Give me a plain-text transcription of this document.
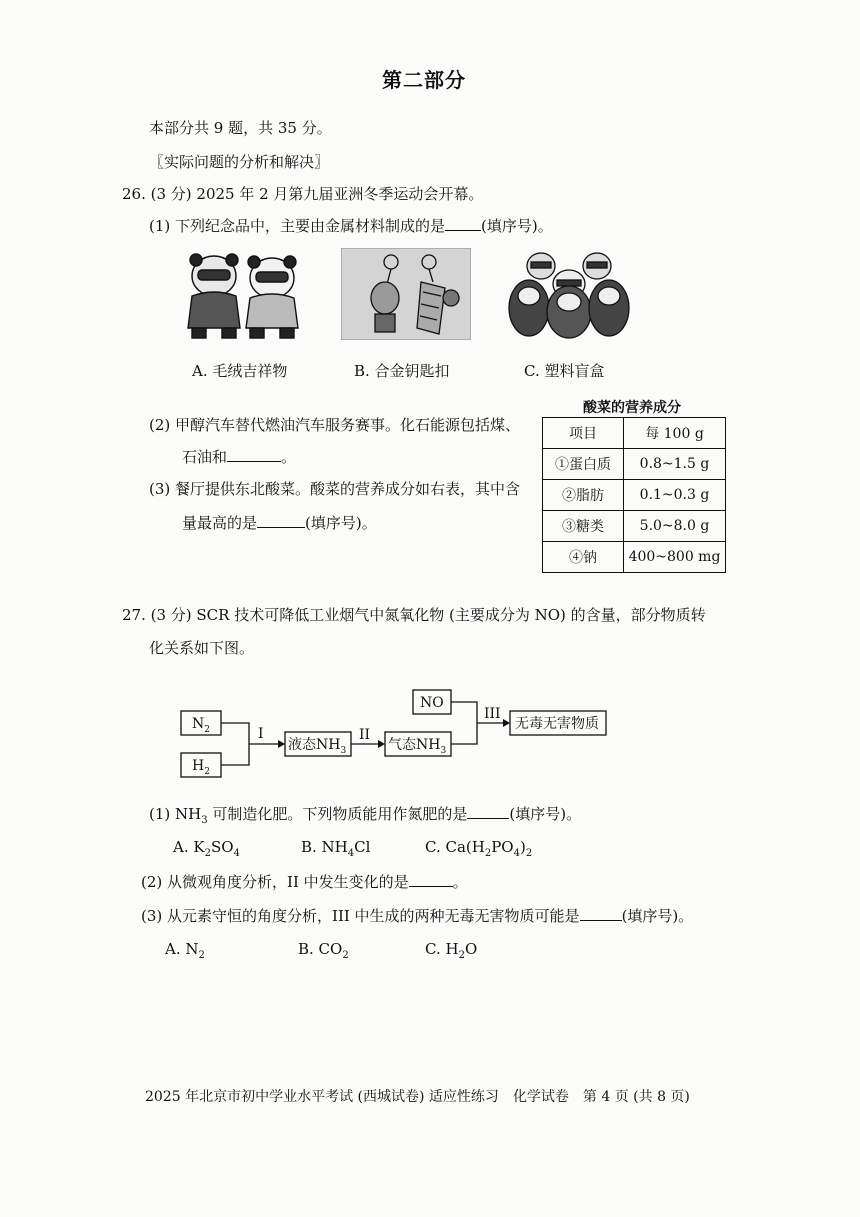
第二部分
本部分共 9 题，共 35 分。
〖实际问题的分析和解决〗
26. (3 分) 2025 年 2 月第九届亚洲冬季运动会开幕。
(1) 下列纪念品中，主要由金属材料制成的是 (填序号)。
A. 毛绒吉祥物	B. 合金钥匙扣	C. 塑料盲盒
(2) 甲醇汽车替代燃油汽车服务赛事。化石能源包括煤、
石油和	。
(3) 餐厅提供东北酸菜。酸菜的营养成分如右表，其中含
量最高的是	(填序号)。
酸菜的营养成分
项目	每 100 g
①蛋白质	0.8~1.5 g
②脂肪	0.1~0.3 g
③糖类	5.0~8.0 g
④钠	400~800 mg
27. (3 分) SCR 技术可降低工业烟气中氮氧化物 (主要成分为 NO) 的含量，部分物质转
化关系如下图。
$N_2$
$H_2$
I
液态$NH_3$
II
气态$NH_3$
NO
III
无毒无害物质
(1) $NH_3$ 可制造化肥。下列物质能用作氮肥的是	(填序号)。
A. $K_2SO_4$	B. $NH_4Cl$	C. $Ca(H_2PO_4)_2$
(2) 从微观角度分析，II 中发生变化的是	。
(3) 从元素守恒的角度分析，III 中生成的两种无毒无害物质可能是	(填序号)。
A. $N_2$	B. $CO_2$	C. $H_2O$
2025 年北京市初中学业水平考试 (西城试卷) 适应性练习　化学试卷　第 4 页 (共 8 页)
